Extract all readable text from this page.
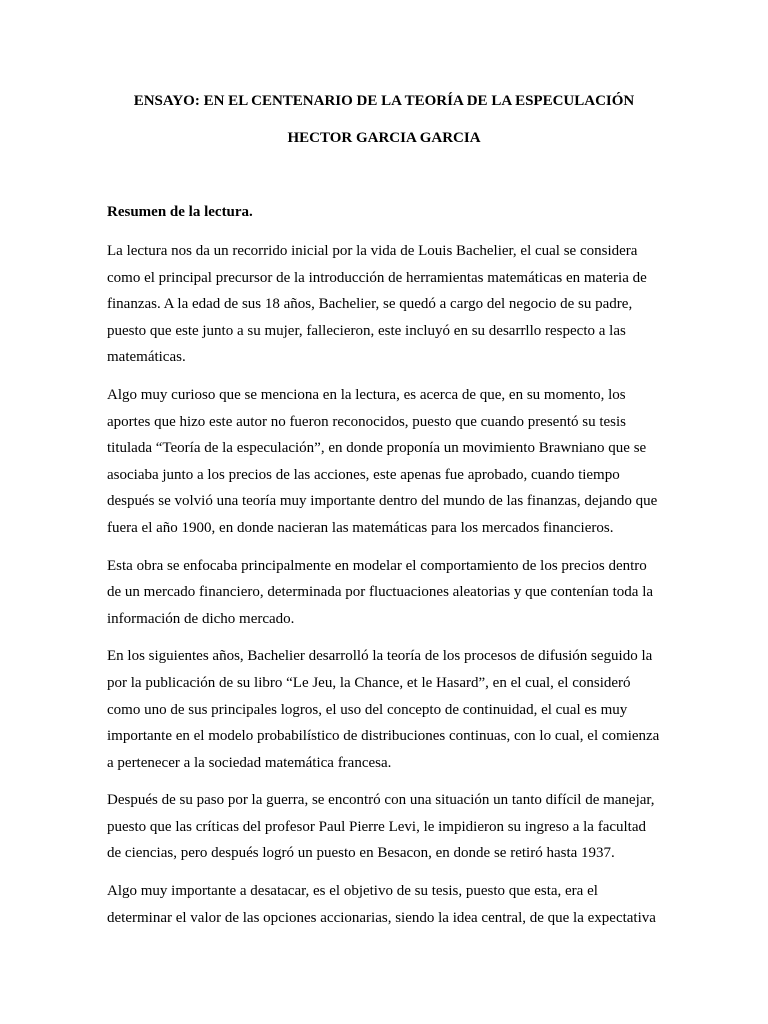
ENSAYO: EN EL CENTENARIO DE LA TEORÍA DE LA ESPECULACIÓN
HECTOR GARCIA GARCIA

Resumen de la lectura.

La lectura nos da un recorrido inicial por la vida de Louis Bachelier, el cual se considera como el principal precursor de la introducción de herramientas matemáticas en materia de finanzas. A la edad de sus 18 años, Bachelier, se quedó a cargo del negocio de su padre, puesto que este junto a su mujer, fallecieron, este incluyó en su desarrllo respecto a las matemáticas.

Algo muy curioso que se menciona en la lectura, es acerca de que, en su momento, los aportes que hizo este autor no fueron reconocidos, puesto que cuando presentó su tesis titulada “Teoría de la especulación”, en donde proponía un movimiento Brawniano que se asociaba junto a los precios de las acciones, este apenas fue aprobado, cuando tiempo después se volvió una teoría muy importante dentro del mundo de las finanzas, dejando que fuera el año 1900, en donde nacieran las matemáticas para los mercados financieros.

Esta obra se enfocaba principalmente en modelar el comportamiento de los precios dentro de un mercado financiero, determinada por fluctuaciones aleatorias y que contenían toda la información de dicho mercado.

En los siguientes años, Bachelier desarrolló la teoría de los procesos de difusión seguido la por la publicación de su libro “Le Jeu, la Chance, et le Hasard”, en el cual, el consideró como uno de sus principales logros, el uso del concepto de continuidad, el cual es muy importante en el modelo probabilístico de distribuciones continuas, con lo cual, el comienza a pertenecer a la sociedad matemática francesa.

Después de su paso por la guerra, se encontró con una situación un tanto difícil de manejar, puesto que las críticas del profesor Paul Pierre Levi, le impidieron su ingreso a la facultad de ciencias, pero después logró un puesto en Besacon, en donde se retiró hasta 1937.

Algo muy importante a desatacar, es el objetivo de su tesis, puesto que esta, era el determinar el valor de las opciones accionarias, siendo la idea central, de que la expectativa
